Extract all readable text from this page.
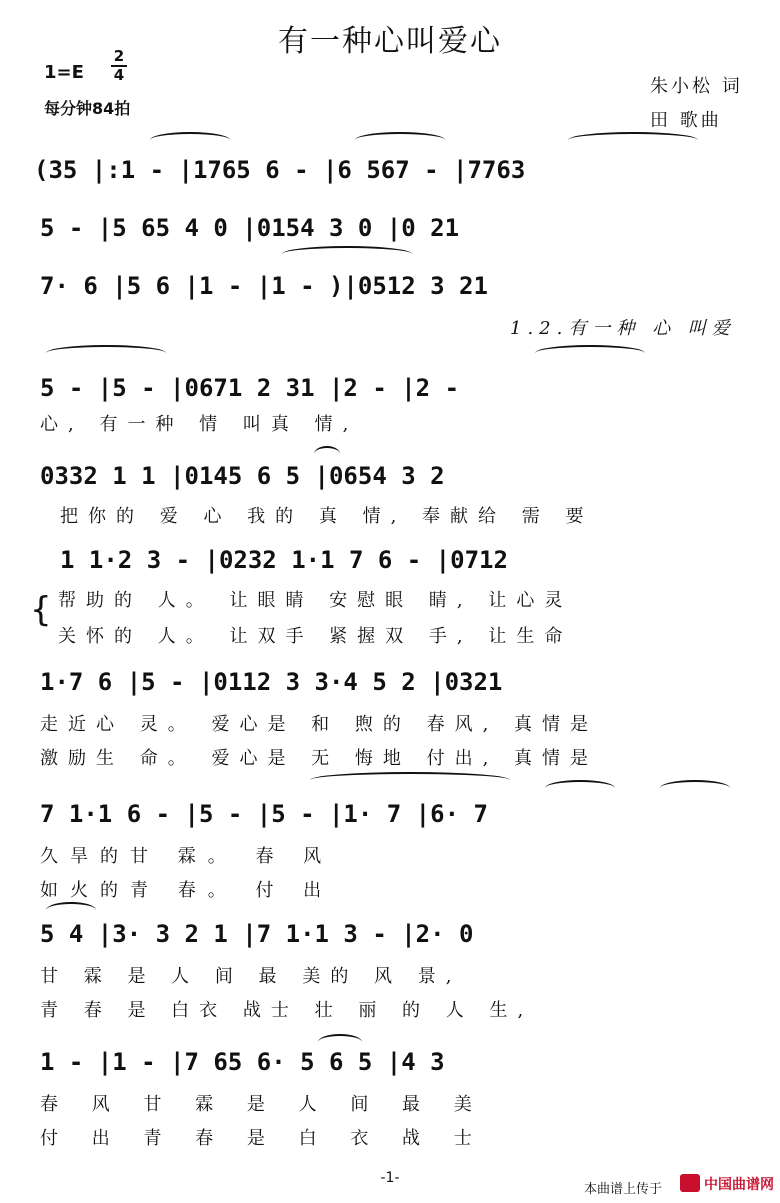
有一种心叫爱心
1=E
2
4
每分钟84拍
朱小松 词
田 歌曲
(35 |:1 - |1765 6 - |6 567 - |7763
5 - |5 65 4 0 |0154 3 0 |0 21
7· 6 |5 6 |1 - |1 - )|0512 3 21
1.2.有一种 心 叫爱
5 - |5 - |0671 2 31 |2 - |2 -
心, 有一种 情 叫真 情,
0332 1 1 |0145 6 5 |0654 3 2
把你的 爱 心 我的 真 情, 奉献给 需 要
1 1·2 3 - |0232 1·1 7 6 - |0712
{ 帮助的 人。 让眼睛 安慰眼 睛, 让心灵
关怀的 人。 让双手 紧握双 手, 让生命
1·7 6 |5 - |0112 3 3·4 5 2 |0321
走近心 灵。 爱心是 和 煦的 春风, 真情是
激励生 命。 爱心是 无 悔地 付出, 真情是
7 1·1 6 - |5 - |5 - |1· 7 |6· 7
久旱的甘 霖。 春 风
如火的青 春。 付 出
5 4 |3· 3 2 1 |7 1·1 3 - |2· 0
甘 霖 是 人 间 最 美的 风 景,
青 春 是 白衣 战士 壮 丽 的 人 生,
1 - |1 - |7 65 6· 5 6 5 |4 3
春 风 甘 霖 是 人 间 最 美
付 出 青 春 是 白 衣 战 士
-1-
本曲谱上传于	中国曲谱网
